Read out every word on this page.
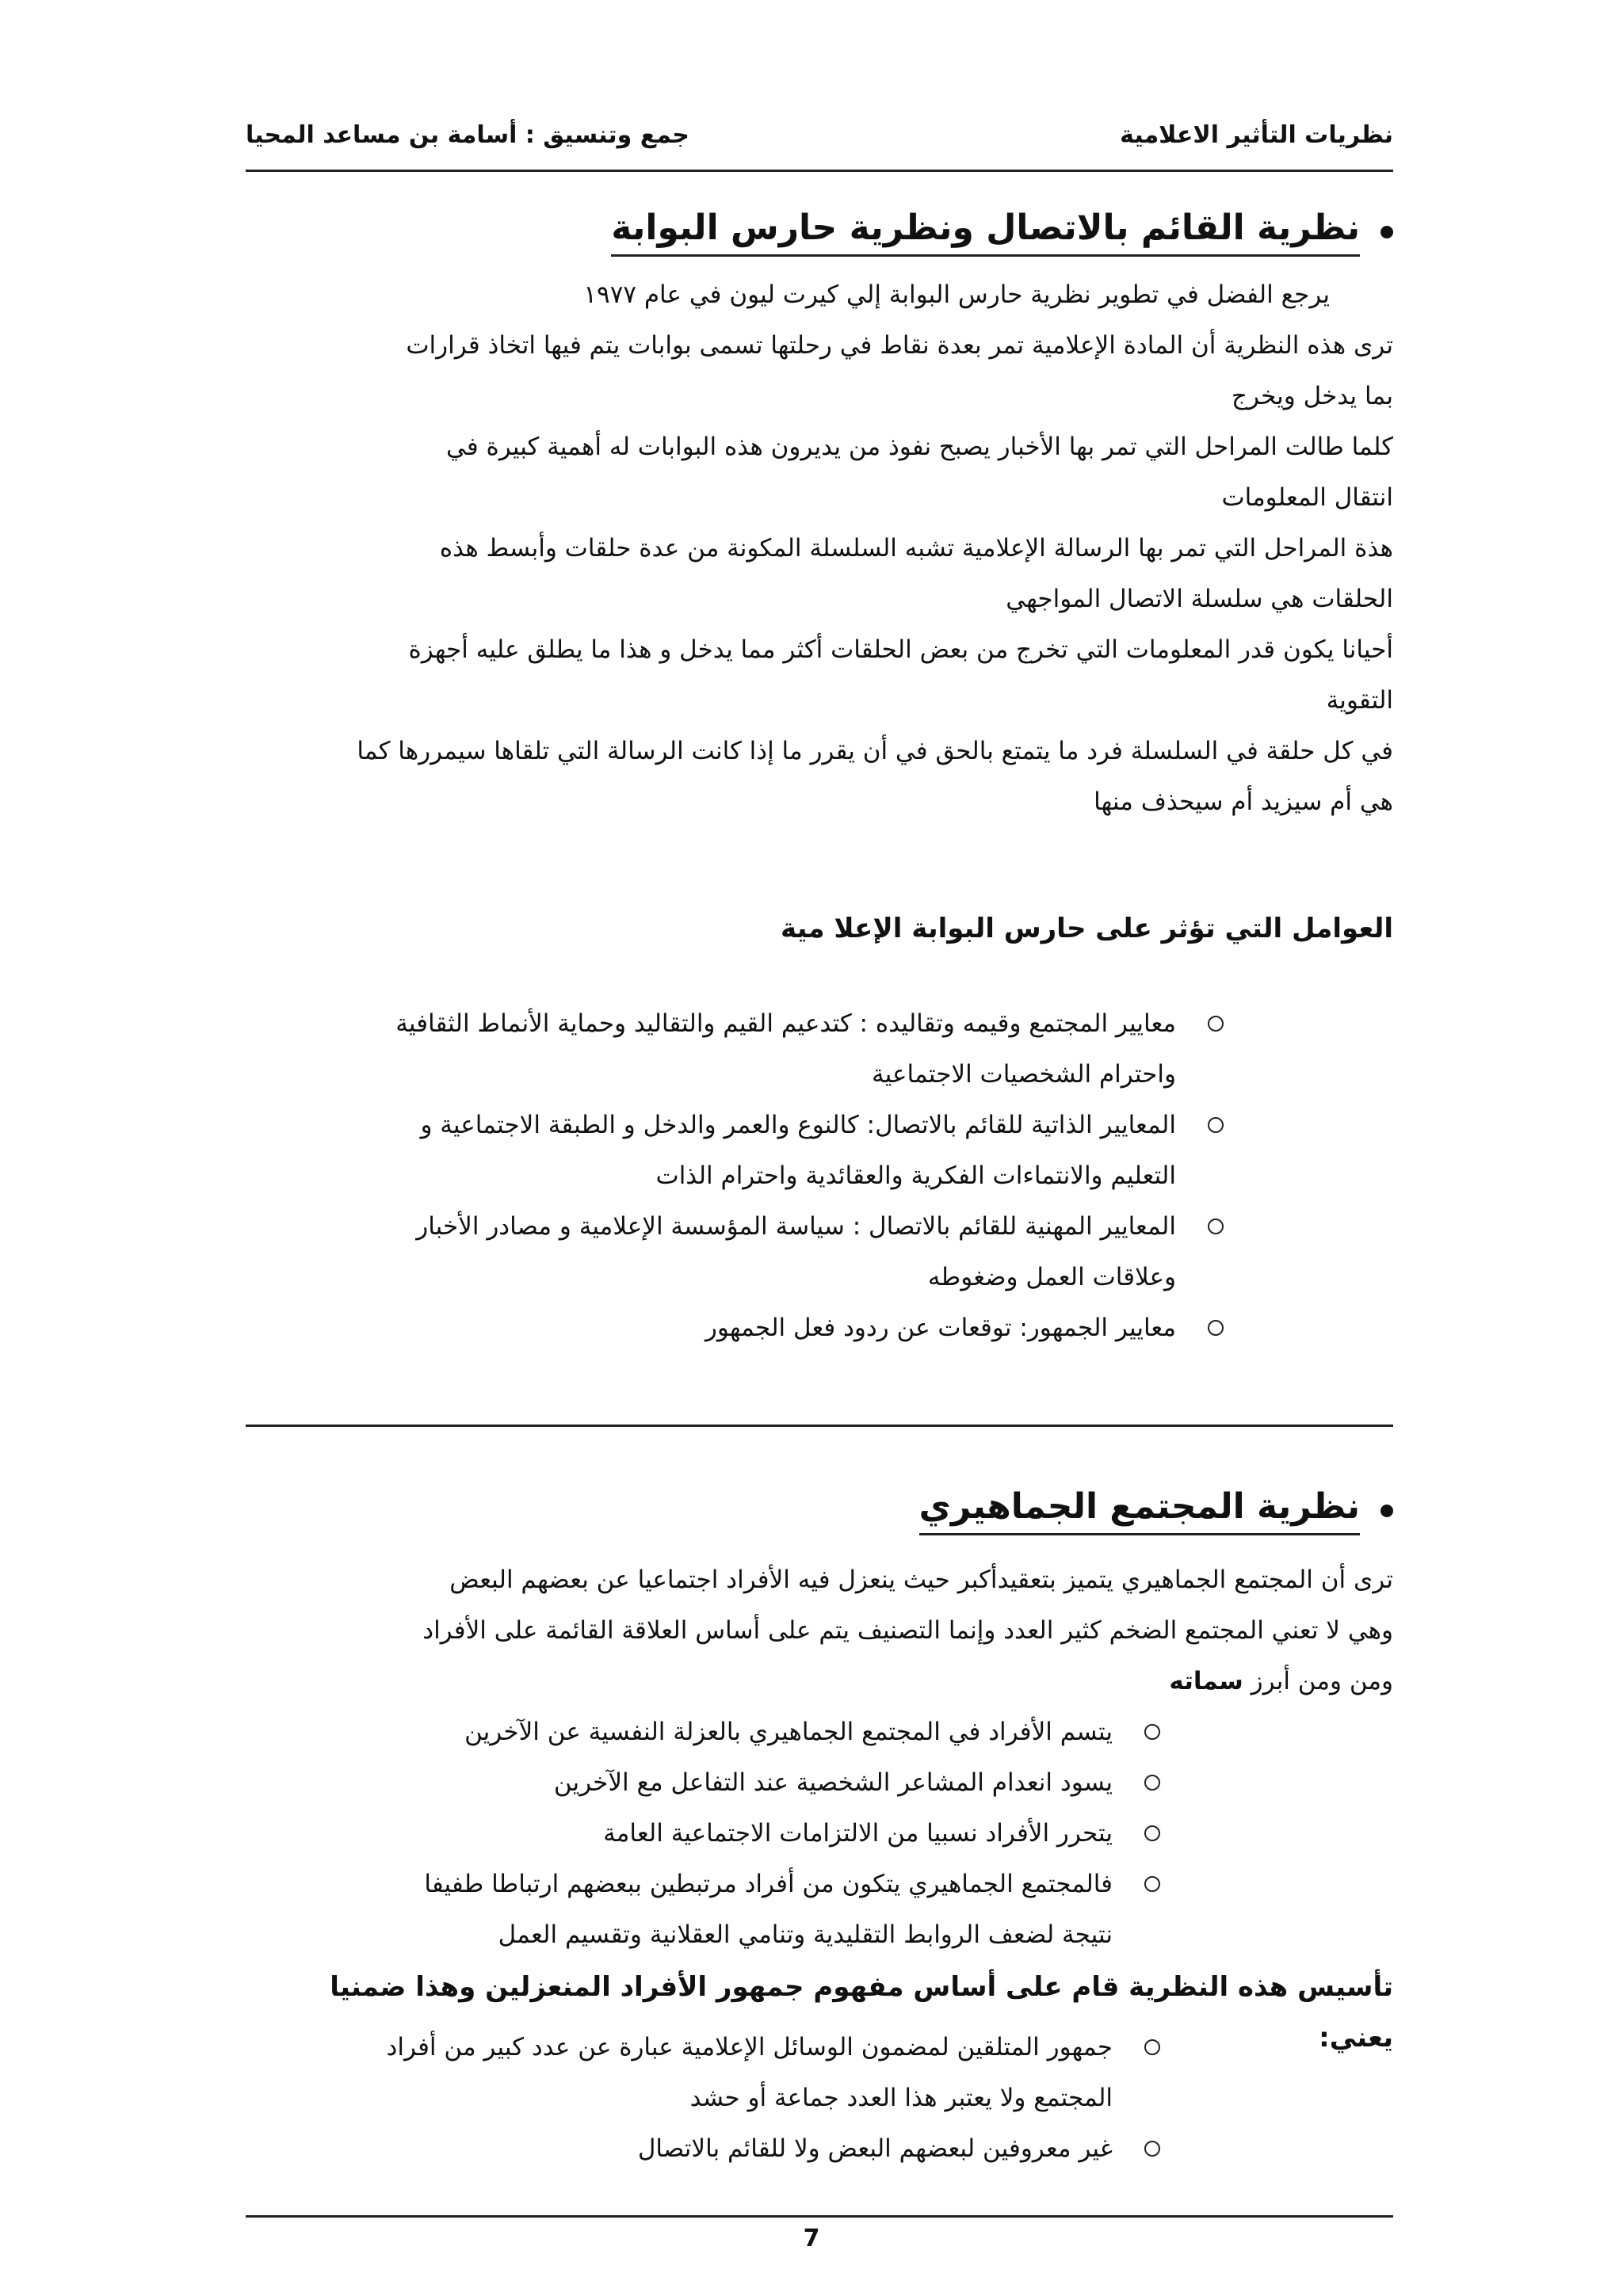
نظريات التأثير الاعلامية
جمع وتنسيق : أسامة بن مساعد المحيا
نظرية القائم بالاتصال ونظرية حارس البوابة
يرجع الفضل في تطوير نظرية حارس البوابة إلي كيرت ليون في عام ١٩٧٧
ترى هذه النظرية أن المادة الإعلامية تمر بعدة نقاط في رحلتها تسمى بوابات يتم فيها اتخاذ قرارات
بما يدخل ويخرج
كلما طالت المراحل التي تمر بها الأخبار يصبح نفوذ من يديرون هذه البوابات له أهمية كبيرة في
انتقال المعلومات
هذة المراحل التي تمر بها الرسالة الإعلامية تشبه السلسلة المكونة من عدة حلقات وأبسط هذه
الحلقات هي سلسلة الاتصال المواجهي
أحيانا يكون قدر المعلومات التي تخرج من بعض الحلقات أكثر مما يدخل و هذا ما يطلق عليه أجهزة
التقوية
في كل حلقة في السلسلة فرد ما يتمتع بالحق في أن يقرر ما إذا كانت الرسالة التي تلقاها سيمررها كما
هي أم سيزيد أم سيحذف منها
العوامل التي تؤثر على حارس البوابة الإعلا مية
معايير المجتمع وقيمه وتقاليده : كتدعيم القيم والتقاليد وحماية الأنماط الثقافية
واحترام الشخصيات الاجتماعية
المعايير الذاتية للقائم بالاتصال: كالنوع والعمر والدخل و الطبقة الاجتماعية و
التعليم والانتماءات الفكرية والعقائدية واحترام الذات
المعايير المهنية للقائم بالاتصال : سياسة المؤسسة الإعلامية و مصادر الأخبار
وعلاقات العمل وضغوطه
معايير الجمهور: توقعات عن ردود فعل الجمهور
نظرية المجتمع الجماهيري
ترى أن المجتمع الجماهيري يتميز بتعقيدأكبر حيث ينعزل فيه الأفراد اجتماعيا عن بعضهم البعض
وهي لا تعني المجتمع الضخم كثير العدد وإنما التصنيف يتم على أساس العلاقة القائمة على الأفراد
ومن ومن أبرز سماته
يتسم الأفراد في المجتمع الجماهيري بالعزلة النفسية عن الآخرين
يسود انعدام المشاعر الشخصية عند التفاعل مع الآخرين
يتحرر الأفراد نسبيا من الالتزامات الاجتماعية العامة
فالمجتمع الجماهيري يتكون من أفراد مرتبطين ببعضهم ارتباطا طفيفا
نتيجة لضعف الروابط التقليدية وتنامي العقلانية وتقسيم العمل
تأسيس هذه النظرية قام على أساس مفهوم جمهور الأفراد المنعزلين وهذا ضمنيا يعني:
جمهور المتلقين لمضمون الوسائل الإعلامية عبارة عن عدد كبير من أفراد
المجتمع ولا يعتبر هذا العدد جماعة أو حشد
غير معروفين لبعضهم البعض ولا للقائم بالاتصال
7
